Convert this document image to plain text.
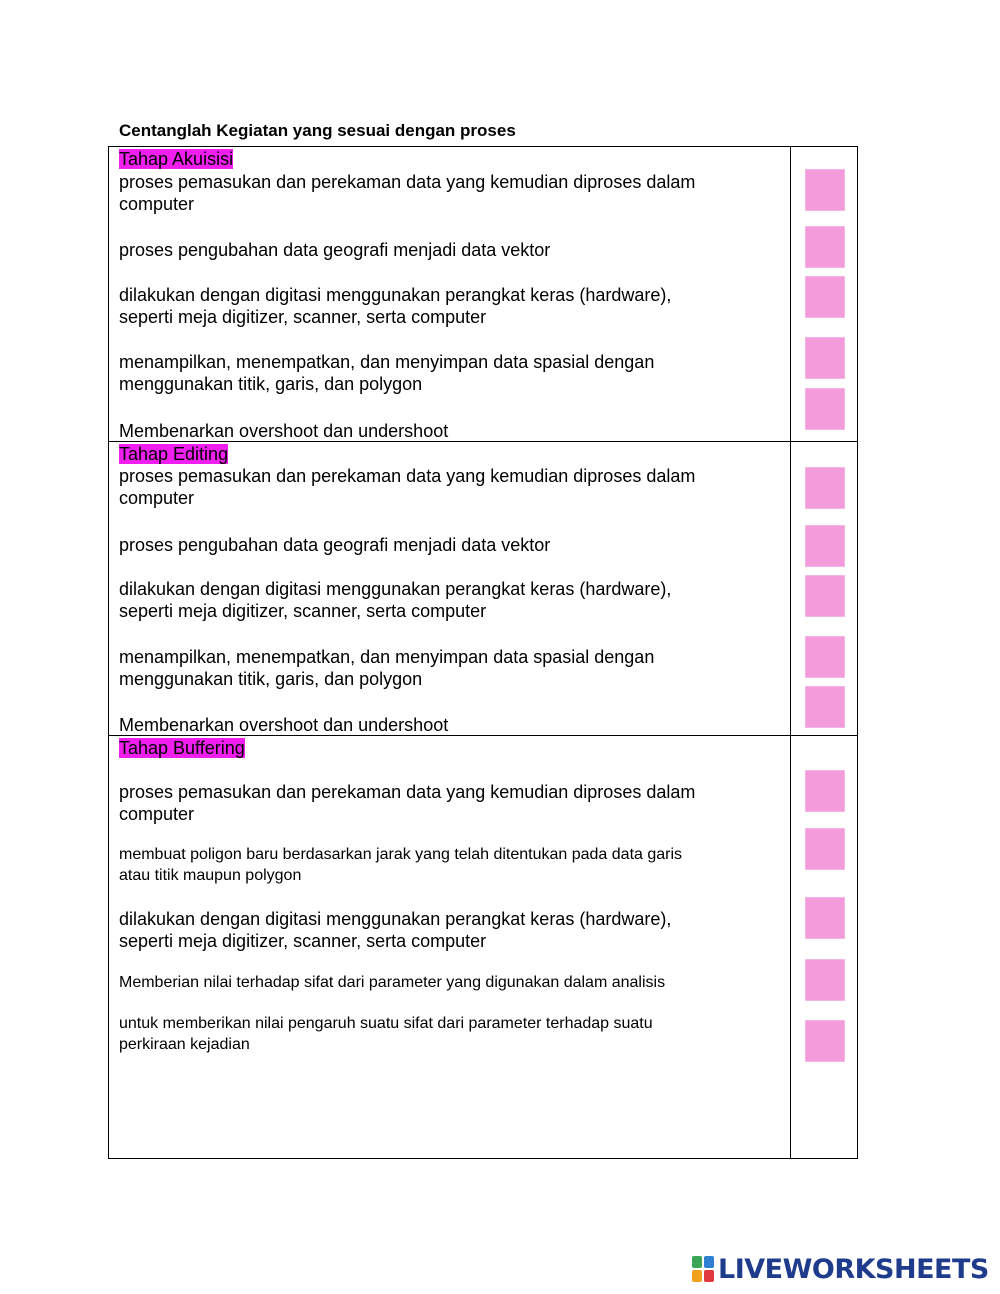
Centanglah Kegiatan yang sesuai dengan proses
Tahap Akuisisi
proses pemasukan dan perekaman data yang kemudian diproses dalam
computer
proses pengubahan data geografi menjadi data vektor
dilakukan dengan digitasi menggunakan perangkat keras (hardware),
seperti meja digitizer, scanner, serta computer
menampilkan, menempatkan, dan menyimpan data spasial dengan
menggunakan titik, garis, dan polygon
Membenarkan overshoot dan undershoot
Tahap Editing
proses pemasukan dan perekaman data yang kemudian diproses dalam
computer
proses pengubahan data geografi menjadi data vektor
dilakukan dengan digitasi menggunakan perangkat keras (hardware),
seperti meja digitizer, scanner, serta computer
menampilkan, menempatkan, dan menyimpan data spasial dengan
menggunakan titik, garis, dan polygon
Membenarkan overshoot dan undershoot
Tahap Buffering
proses pemasukan dan perekaman data yang kemudian diproses dalam
computer
membuat poligon baru berdasarkan jarak yang telah ditentukan pada data garis
atau titik maupun polygon
dilakukan dengan digitasi menggunakan perangkat keras (hardware),
seperti meja digitizer, scanner, serta computer
Memberian nilai terhadap sifat dari parameter yang digunakan dalam analisis
untuk memberikan nilai pengaruh suatu sifat dari parameter terhadap suatu
perkiraan kejadian
LIVEWORKSHEETS
